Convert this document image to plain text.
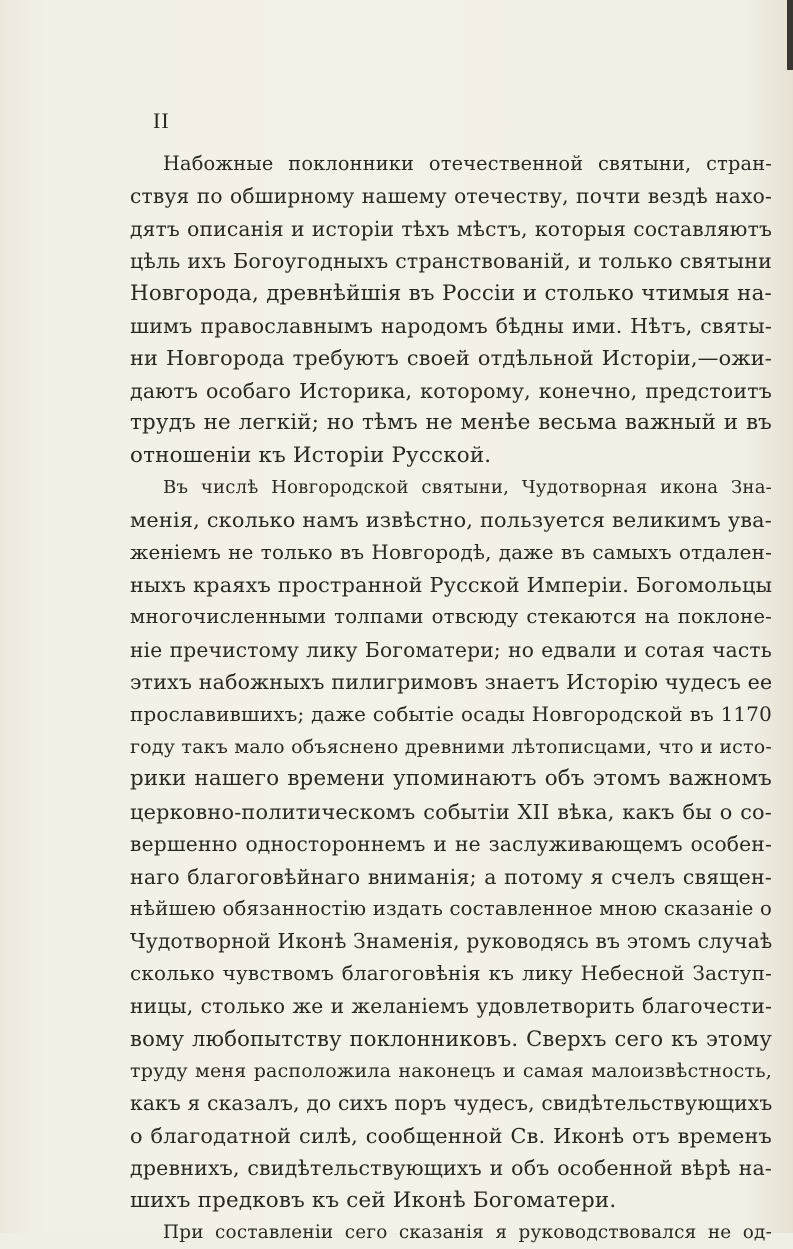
II
Набожные поклонники отечественной святыни, стран-
ствуя по обширному нашему отечеству, почти вездѣ нахо-
дятъ описанія и исторіи тѣхъ мѣстъ, которыя составляютъ
цѣль ихъ Богоугодныхъ странствованій, и только святыни
Новгорода, древнѣйшія въ Россіи и столько чтимыя на-
шимъ православнымъ народомъ бѣдны ими. Нѣтъ, святы-
ни Новгорода требуютъ своей отдѣльной Исторіи,—ожи-
даютъ особаго Историка, которому, конечно, предстоитъ
трудъ не легкій; но тѣмъ не менѣе весьма важный и въ
отношеніи къ Исторіи Русской.
Въ числѣ Новгородской святыни, Чудотворная икона Зна-
менія, сколько намъ извѣстно, пользуется великимъ ува-
женіемъ не только въ Новгородѣ, даже въ самыхъ отдален-
ныхъ краяхъ пространной Русской Имперіи. Богомольцы
многочисленными толпами отвсюду стекаются на поклоне-
ніе пречистому лику Богоматери; но едвали и сотая часть
этихъ набожныхъ пилигримовъ знаетъ Исторію чудесъ ее
прославившихъ; даже событіе осады Новгородской въ 1170
году такъ мало объяснено древними лѣтописцами, что и исто-
рики нашего времени упоминаютъ объ этомъ важномъ
церковно-политическомъ событіи XII вѣка, какъ бы о со-
вершенно одностороннемъ и не заслуживающемъ особен-
наго благоговѣйнаго вниманія; а потому я счелъ священ-
нѣйшею обязанностію издать составленное мною сказаніе о
Чудотворной Иконѣ Знаменія, руководясь въ этомъ случаѣ
сколько чувствомъ благоговѣнія къ лику Небесной Заступ-
ницы, столько же и желаніемъ удовлетворить благочести-
вому любопытству поклонниковъ. Сверхъ сего къ этому
труду меня расположила наконецъ и самая малоизвѣстность,
какъ я сказалъ, до сихъ поръ чудесъ, свидѣтельствующихъ
о благодатной силѣ, сообщенной Св. Иконѣ отъ временъ
древнихъ, свидѣтельствующихъ и объ особенной вѣрѣ на-
шихъ предковъ къ сей Иконѣ Богоматери.
При составленіи сего сказанія я руководствовался не од-
